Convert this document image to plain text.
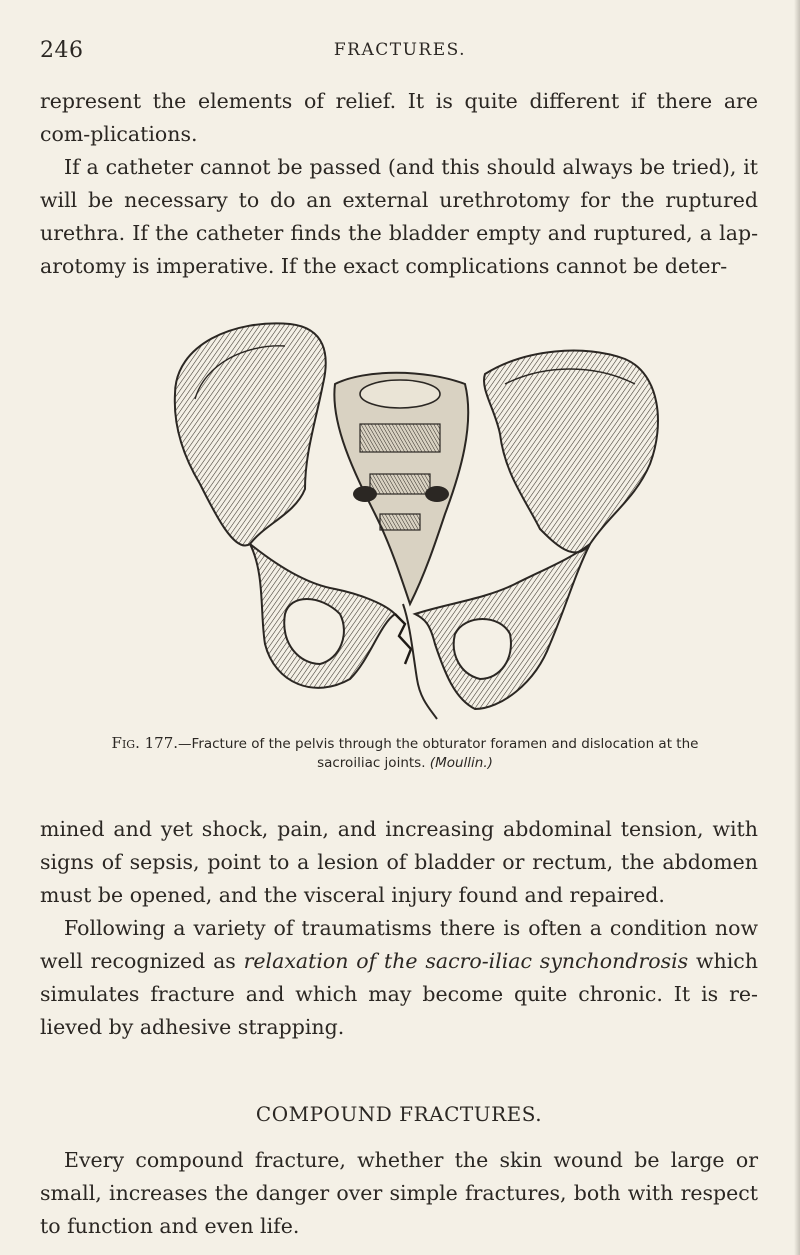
246	FRACTURES.

represent the elements of relief. It is quite different if there are com-plications.

If a catheter cannot be passed (and this should always be tried), it will be necessary to do an external urethrotomy for the ruptured urethra. If the catheter finds the bladder empty and ruptured, a lap-arotomy is imperative. If the exact complications cannot be deter-

Fig. 177.—Fracture of the pelvis through the obturator foramen and dislocation at the sacroiliac joints. (Moullin.)

mined and yet shock, pain, and increasing abdominal tension, with signs of sepsis, point to a lesion of bladder or rectum, the abdomen must be opened, and the visceral injury found and repaired.

Following a variety of traumatisms there is often a condition now well recognized as relaxation of the sacro-iliac synchondrosis which simulates fracture and which may become quite chronic. It is re-lieved by adhesive strapping.

COMPOUND FRACTURES.

Every compound fracture, whether the skin wound be large or small, increases the danger over simple fractures, both with respect to function and even life.
